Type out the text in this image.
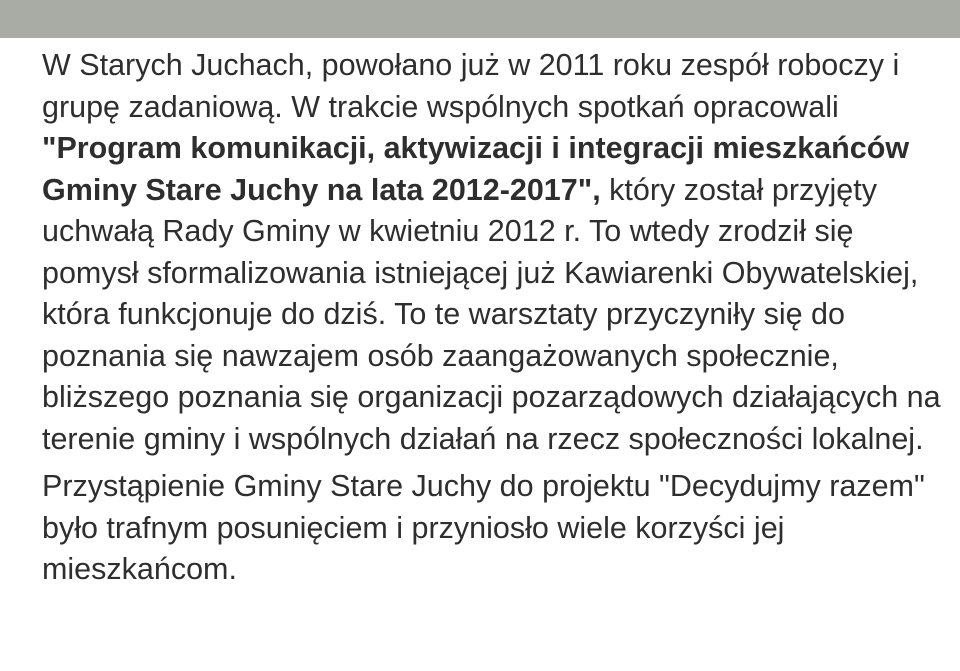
W Starych Juchach, powołano już w 2011 roku zespół roboczy i grupę zadaniową. W trakcie wspólnych spotkań opracowali "Program komunikacji, aktywizacji i integracji mieszkańców Gminy Stare Juchy na lata 2012-2017", który został przyjęty uchwałą Rady Gminy w kwietniu 2012 r. To wtedy zrodził się pomysł sformalizowania istniejącej już Kawiarenki Obywatelskiej, która funkcjonuje do dziś. To te warsztaty przyczyniły się do poznania się nawzajem osób zaangażowanych społecznie, bliższego poznania się organizacji pozarządowych działających na terenie gminy i wspólnych działań na rzecz społeczności lokalnej.

Przystąpienie Gminy Stare Juchy do projektu "Decydujmy razem" było trafnym posunięciem i przyniosło wiele korzyści jej mieszkańcom.
